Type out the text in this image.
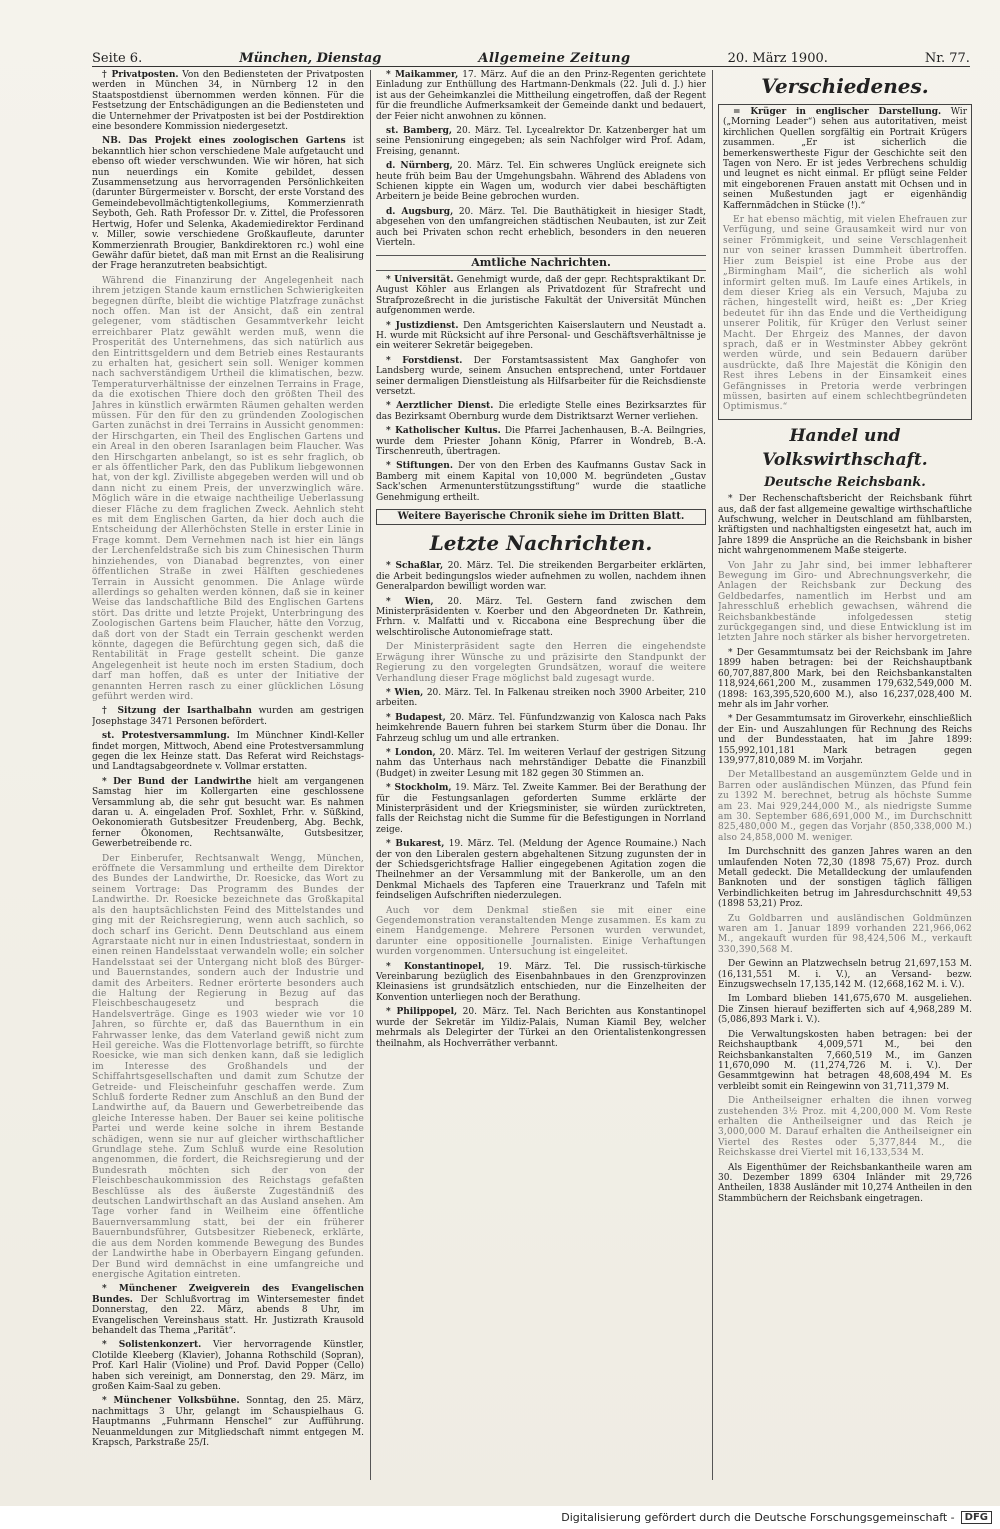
Seite 6.	München, Dienstag	Allgemeine Zeitung	20. März 1900.	Nr. 77.

† Privatposten. Von den Bediensteten der Privatposten werden in München 34, in Nürnberg 12 in den Staatspostdienst übernommen werden können. Für die Festsetzung der Entschädigungen an die Bediensteten und die Unternehmer der Privatposten ist bei der Postdirektion eine besondere Kommission niedergesetzt.

NB. Das Projekt eines zoologischen Gartens ist bekanntlich hier schon verschiedene Male aufgetaucht und ebenso oft wieder verschwunden. Wie wir hören, hat sich nun neuerdings ein Komite gebildet, dessen Zusammensetzung aus hervorragenden Persönlichkeiten (darunter Bürgermeister v. Borscht, der erste Vorstand des Gemeindebevollmächtigtenkollegiums, Kommerzienrath Seyboth, Geh. Rath Professor Dr. v. Zittel, die Professoren Hertwig, Hofer und Selenka, Akademiedirektor Ferdinand v. Miller, sowie verschiedene Großkaufleute, darunter Kommerzienrath Brougier, Bankdirektoren rc.) wohl eine Gewähr dafür bietet, daß man mit Ernst an die Realisirung der Frage heranzutreten beabsichtigt.

Während die Finanzirung der Angelegenheit nach ihrem jetzigen Stande kaum ernstlichen Schwierigkeiten begegnen dürfte, bleibt die wichtige Platzfrage zunächst noch offen. Man ist der Ansicht, daß ein zentral gelegener, vom städtischen Gesammtverkehr leicht erreichbarer Platz gewählt werden muß, wenn die Prosperität des Unternehmens, das sich natürlich aus den Eintrittsgeldern und dem Betrieb eines Restaurants zu erhalten hat, gesichert sein soll. Weniger kommen nach sachverständigem Urtheil die klimatischen, bezw. Temperaturverhältnisse der einzelnen Terrains in Frage, da die exotischen Thiere doch den größten Theil des Jahres in künstlich erwärmten Räumen gehalten werden müssen. Für den für den zu gründenden Zoologischen Garten zunächst in drei Terrains in Aussicht genommen: der Hirschgarten, ein Theil des Englischen Gartens und ein Areal in den oberen Isaranlagen beim Flaucher. Was den Hirschgarten anbelangt, so ist es sehr fraglich, ob er als öffentlicher Park, den das Publikum liebgewonnen hat, von der kgl. Zivilliste abgegeben werden will und ob dann nicht zu einem Preis, der unverzwinglich wäre. Möglich wäre in die etwaige nachtheilige Ueberlassung dieser Fläche zu dem fraglichen Zweck. Aehnlich steht es mit dem Englischen Garten, da hier doch auch die Entscheidung der Allerhöchsten Stelle in erster Linie in Frage kommt. Dem Vernehmen nach ist hier ein längs der Lerchenfeldstraße sich bis zum Chinesischen Thurm hinziehendes, von Dianabad begrenztes, von einer öffentlichen Straße in zwei Hälften geschiedenes Terrain in Aussicht genommen. Die Anlage würde allerdings so gehalten werden können, daß sie in keiner Weise das landschaftliche Bild des Englischen Gartens stört. Das dritte und letzte Projekt, Unterbringung des Zoologischen Gartens beim Flaucher, hätte den Vorzug, daß dort von der Stadt ein Terrain geschenkt werden könnte, dagegen die Befürchtung gegen sich, daß die Rentabilität in Frage gestellt scheint. Die ganze Angelegenheit ist heute noch im ersten Stadium, doch darf man hoffen, daß es unter der Initiative der genannten Herren rasch zu einer glücklichen Lösung geführt werden wird.

† Sitzung der Isarthalbahn wurden am gestrigen Josephstage 3471 Personen befördert.

st. Protestversammlung. Im Münchner Kindl-Keller findet morgen, Mittwoch, Abend eine Protestversammlung gegen die lex Heinze statt. Das Referat wird Reichstags- und Landtagsabgeordnete v. Vollmar erstatten.

* Der Bund der Landwirthe hielt am vergangenen Samstag hier im Kollergarten eine geschlossene Versammlung ab, die sehr gut besucht war. Es nahmen daran u. A. eingeladen Prof. Soxhlet, Frhr. v. Süßkind, Oekonomierath Gutsbesitzer Freudenberg, Abg. Bechk, ferner Ökonomen, Rechtsanwälte, Gutsbesitzer, Gewerbetreibende rc.

Der Einberufer, Rechtsanwalt Wengg, München, eröffnete die Versammlung und ertheilte dem Direktor des Bundes der Landwirthe, Dr. Roesicke, das Wort zu seinem Vortrage: Das Programm des Bundes der Landwirthe. Dr. Roesicke bezeichnete das Großkapital als den hauptsächlichsten Feind des Mittelstandes und ging mit der Reichsregierung, wenn auch sachlich, so doch scharf ins Gericht. Denn Deutschland aus einem Agrarstaate nicht nur in einen Industriestaat, sondern in einen reinen Handelsstaat verwandeln wolle; ein solcher Handelsstaat sei der Untergang nicht bloß des Bürger- und Bauernstandes, sondern auch der Industrie und damit des Arbeiters. Redner erörterte besonders auch die Haltung der Regierung in Bezug auf das Fleischbeschaugesetz und besprach die Handelsverträge. Ginge es 1903 wieder wie vor 10 Jahren, so fürchte er, daß das Bauernthum in ein Fahrwasser lenke, das dem Vaterland gewiß nicht zum Heil gereiche. Was die Flottenvorlage betrifft, so fürchte Roesicke, wie man sich denken kann, daß sie lediglich im Interesse des Großhandels und der Schiffahrtsgesellschaften und damit zum Schutze der Getreide- und Fleischeinfuhr geschaffen werde. Zum Schluß forderte Redner zum Anschluß an den Bund der Landwirthe auf, da Bauern und Gewerbetreibende das gleiche Interesse haben. Der Bauer sei keine politische Partei und werde keine solche in ihrem Bestande schädigen, wenn sie nur auf gleicher wirthschaftlicher Grundlage stehe. Zum Schluß wurde eine Resolution angenommen, die fordert, die Reichsregierung und der Bundesrath möchten sich der von der Fleischbeschaukommission des Reichstags gefaßten Beschlüsse als des äußerste Zugeständniß des deutschen Landwirthschaft an das Ausland ansehen. Am Tage vorher fand in Weilheim eine öffentliche Bauernversammlung statt, bei der ein früherer Bauernbundsführer, Gutsbesitzer Riebeneck, erklärte, die aus dem Norden kommende Bewegung des Bundes der Landwirthe habe in Oberbayern Eingang gefunden. Der Bund wird demnächst in eine umfangreiche und energische Agitation eintreten.

* Münchener Zweigverein des Evangelischen Bundes. Der Schlußvortrag im Wintersemester findet Donnerstag, den 22. März, abends 8 Uhr, im Evangelischen Vereinshaus statt. Hr. Justizrath Krausold behandelt das Thema „Parität“.

* Solistenkonzert. Vier hervorragende Künstler, Clotilde Kleeberg (Klavier), Johanna Rothschild (Sopran), Prof. Karl Halir (Violine) und Prof. David Popper (Cello) haben sich vereinigt, am Donnerstag, den 29. März, im großen Kaim-Saal zu geben.

* Münchener Volksbühne. Sonntag, den 25. März, nachmittags 3 Uhr, gelangt im Schauspielhaus G. Hauptmanns „Fuhrmann Henschel“ zur Aufführung. Neuanmeldungen zur Mitgliedschaft nimmt entgegen M. Krapsch, Parkstraße 25/I.

* Maikammer, 17. März. Auf die an den Prinz-Regenten gerichtete Einladung zur Enthüllung des Hartmann-Denkmals (22. Juli d. J.) hier ist aus der Geheimkanzlei die Mittheilung eingetroffen, daß der Regent für die freundliche Aufmerksamkeit der Gemeinde dankt und bedauert, der Feier nicht anwohnen zu können.

st. Bamberg, 20. März. Tel. Lycealrektor Dr. Katzenberger hat um seine Pensionirung eingegeben; als sein Nachfolger wird Prof. Adam, Freising, genannt.

d. Nürnberg, 20. März. Tel. Ein schweres Unglück ereignete sich heute früh beim Bau der Umgehungsbahn. Während des Abladens von Schienen kippte ein Wagen um, wodurch vier dabei beschäftigten Arbeitern je beide Beine gebrochen wurden.

d. Augsburg, 20. März. Tel. Die Bauthätigkeit in hiesiger Stadt, abgesehen von den umfangreichen städtischen Neubauten, ist zur Zeit auch bei Privaten schon recht erheblich, besonders in den neueren Vierteln.

Amtliche Nachrichten.

* Universität. Genehmigt wurde, daß der gepr. Rechtspraktikant Dr. August Köhler aus Erlangen als Privatdozent für Strafrecht und Strafprozeßrecht in die juristische Fakultät der Universität München aufgenommen werde.

* Justizdienst. Den Amtsgerichten Kaiserslautern und Neustadt a. H. wurde mit Rücksicht auf ihre Personal- und Geschäftsverhältnisse je ein weiterer Sekretär beigegeben.

* Forstdienst. Der Forstamtsassistent Max Ganghofer von Landsberg wurde, seinem Ansuchen entsprechend, unter Fortdauer seiner dermaligen Dienstleistung als Hilfsarbeiter für die Reichsdienste versetzt.

* Aerztlicher Dienst. Die erledigte Stelle eines Bezirksarztes für das Bezirksamt Obernburg wurde dem Distriktsarzt Werner verliehen.

* Katholischer Kultus. Die Pfarrei Jachenhausen, B.-A. Beilngries, wurde dem Priester Johann König, Pfarrer in Wondreb, B.-A. Tirschenreuth, übertragen.

* Stiftungen. Der von den Erben des Kaufmanns Gustav Sack in Bamberg mit einem Kapital von 10,000 M. begründeten „Gustav Sack'schen Armenunterstützungsstiftung“ wurde die staatliche Genehmigung ertheilt.

Weitere Bayerische Chronik siehe im Dritten Blatt.
Letzte Nachrichten.

* Schaßlar, 20. März. Tel. Die streikenden Bergarbeiter erklärten, die Arbeit bedingungslos wieder aufnehmen zu wollen, nachdem ihnen Generalpardon bewilligt worden war.

* Wien, 20. März. Tel. Gestern fand zwischen dem Ministerpräsidenten v. Koerber und den Abgeordneten Dr. Kathrein, Frhrn. v. Malfatti und v. Riccabona eine Besprechung über die welschtirolische Autonomiefrage statt.

Der Ministerpräsident sagte den Herren die eingehendste Erwägung ihrer Wünsche zu und präzisirte den Standpunkt der Regierung zu den vorgelegten Grundsätzen, worauf die weitere Verhandlung dieser Frage möglichst bald zugesagt wurde.

* Wien, 20. März. Tel. In Falkenau streiken noch 3900 Arbeiter, 210 arbeiten.

* Budapest, 20. März. Tel. Fünfundzwanzig von Kalosca nach Paks heimkehrende Bauern fuhren bei starkem Sturm über die Donau. Ihr Fahrzeug schlug um und alle ertranken.

* London, 20. März. Tel. Im weiteren Verlauf der gestrigen Sitzung nahm das Unterhaus nach mehrständiger Debatte die Finanzbill (Budget) in zweiter Lesung mit 182 gegen 30 Stimmen an.

* Stockholm, 19. März. Tel. Zweite Kammer. Bei der Berathung der für die Festungsanlagen geforderten Summe erklärte der Ministerpräsident und der Kriegsminister, sie würden zurücktreten, falls der Reichstag nicht die Summe für die Befestigungen in Norrland zeige.

* Bukarest, 19. März. Tel. (Meldung der Agence Roumaine.) Nach der von den Liberalen gestern abgehaltenen Sitzung zugunsten der in der Schiedsgerichtsfrage Hallier eingegebenen Agitation zogen die Theilnehmer an der Versammlung mit der Bankerolle, um an den Denkmal Michaels des Tapferen eine Trauerkranz und Tafeln mit feindseligen Aufschriften niederzulegen.

Auch vor dem Denkmal stießen sie mit einer eine Gegendemonstration veranstaltenden Menge zusammen. Es kam zu einem Handgemenge. Mehrere Personen wurden verwundet, darunter eine oppositionelle Journalisten. Einige Verhaftungen wurden vorgenommen. Untersuchung ist eingeleitet.

* Konstantinopel, 19. März. Tel. Die russisch-türkische Vereinbarung bezüglich des Eisenbahnbaues in den Grenzprovinzen Kleinasiens ist grundsätzlich entschieden, nur die Einzelheiten der Konvention unterliegen noch der Berathung.

* Philippopel, 20. März. Tel. Nach Berichten aus Konstantinopel wurde der Sekretär im Yildiz-Palais, Numan Kiamil Bey, welcher mehrmals als Delegirter der Türkei an den Orientalistenkongressen theilnahm, als Hochverräther verbannt.

Verschiedenes.

= Krüger in englischer Darstellung. Wir („Morning Leader“) sehen aus autoritativen, meist kirchlichen Quellen sorgfältig ein Portrait Krügers zusammen. „Er ist sicherlich die bemerkenswertheste Figur der Geschichte seit den Tagen von Nero. Er ist jedes Verbrechens schuldig und leugnet es nicht einmal. Er pflügt seine Felder mit eingeborenen Frauen anstatt mit Ochsen und in seinen Mußestunden jagt er eigenhändig Kaffernmädchen in Stücke (!).“

Er hat ebenso mächtig, mit vielen Ehefrauen zur Verfügung, und seine Grausamkeit wird nur von seiner Frömmigkeit, und seine Verschlagenheit nur von seiner krassen Dummheit übertroffen. Hier zum Beispiel ist eine Probe aus der „Birmingham Mail“, die sicherlich als wohl informirt gelten muß. Im Laufe eines Artikels, in dem dieser Krieg als ein Versuch, Majuba zu rächen, hingestellt wird, heißt es: „Der Krieg bedeutet für ihn das Ende und die Vertheidigung unserer Politik, für Krüger den Verlust seiner Macht. Der Ehrgeiz des Mannes, der davon sprach, daß er in Westminster Abbey gekrönt werden würde, und sein Bedauern darüber ausdrückte, daß Ihre Majestät die Königin den Rest ihres Lebens in der Einsamkeit eines Gefängnisses in Pretoria werde verbringen müssen, basirten auf einem schlechtbegründeten Optimismus.“

Handel und Volkswirthschaft.
Deutsche Reichsbank.

* Der Rechenschaftsbericht der Reichsbank führt aus, daß der fast allgemeine gewaltige wirthschaftliche Aufschwung, welcher in Deutschland am fühlbarsten, kräftigsten und nachhaltigsten eingesetzt hat, auch im Jahre 1899 die Ansprüche an die Reichsbank in bisher nicht wahrgenommenem Maße steigerte.

Von Jahr zu Jahr sind, bei immer lebhafterer Bewegung im Giro- und Abrechnungsverkehr, die Anlagen der Reichsbank zur Deckung des Geldbedarfes, namentlich im Herbst und am Jahresschluß erheblich gewachsen, während die Reichsbankbestände infolgedessen stetig zurückgegangen sind, und diese Entwicklung ist im letzten Jahre noch stärker als bisher hervorgetreten.

* Der Gesammtumsatz bei der Reichsbank im Jahre 1899 haben betragen: bei der Reichshauptbank 60,707,887,800 Mark, bei den Reichsbankanstalten 118,924,661,200 M., zusammen 179,632,549,000 M. (1898: 163,395,520,600 M.), also 16,237,028,400 M. mehr als im Jahr vorher.

* Der Gesammtumsatz im Giroverkehr, einschließlich der Ein- und Auszahlungen für Rechnung des Reichs und der Bundesstaaten, hat im Jahre 1899: 155,992,101,181 Mark betragen gegen 139,977,810,089 M. im Vorjahr.

Der Metallbestand an ausgemünztem Gelde und in Barren oder ausländischen Münzen, das Pfund fein zu 1392 M. berechnet, betrug als höchste Summe am 23. Mai 929,244,000 M., als niedrigste Summe am 30. September 686,691,000 M., im Durchschnitt 825,480,000 M., gegen das Vorjahr (850,338,000 M.) also 24,858,000 M. weniger.

Im Durchschnitt des ganzen Jahres waren an den umlaufenden Noten 72,30 (1898 75,67) Proz. durch Metall gedeckt. Die Metalldeckung der umlaufenden Banknoten und der sonstigen täglich fälligen Verbindlichkeiten betrug im Jahresdurchschnitt 49,53 (1898 53,21) Proz.

Zu Goldbarren und ausländischen Goldmünzen waren am 1. Januar 1899 vorhanden 221,966,062 M., angekauft wurden für 98,424,506 M., verkauft 330,390,568 M.

Der Gewinn an Platzwechseln betrug 21,697,153 M. (16,131,551 M. i. V.), an Versand- bezw. Einzugswechseln 17,135,142 M. (12,668,162 M. i. V.).

Im Lombard blieben 141,675,670 M. ausgeliehen. Die Zinsen hierauf bezifferten sich auf 4,968,289 M. (5,086,893 Mark i. V.).

Die Verwaltungskosten haben betragen: bei der Reichshauptbank 4,009,571 M., bei den Reichsbankanstalten 7,660,519 M., im Ganzen 11,670,090 M. (11,274,726 M. i. V.). Der Gesammtgewinn hat betragen 48,608,494 M. Es verbleibt somit ein Reingewinn von 31,711,379 M.

Die Antheilseigner erhalten die ihnen vorweg zustehenden 3½ Proz. mit 4,200,000 M. Vom Reste erhalten die Antheilseigner und das Reich je 3,000,000 M. Darauf erhalten die Antheilseigner ein Viertel des Restes oder 5,377,844 M., die Reichskasse drei Viertel mit 16,133,534 M.

Als Eigenthümer der Reichsbankantheile waren am 30. Dezember 1899 6304 Inländer mit 29,726 Antheilen, 1838 Ausländer mit 10,274 Antheilen in den Stammbüchern der Reichsbank eingetragen.

Digitalisierung gefördert durch die Deutsche Forschungsgemeinschaft -	DFG
